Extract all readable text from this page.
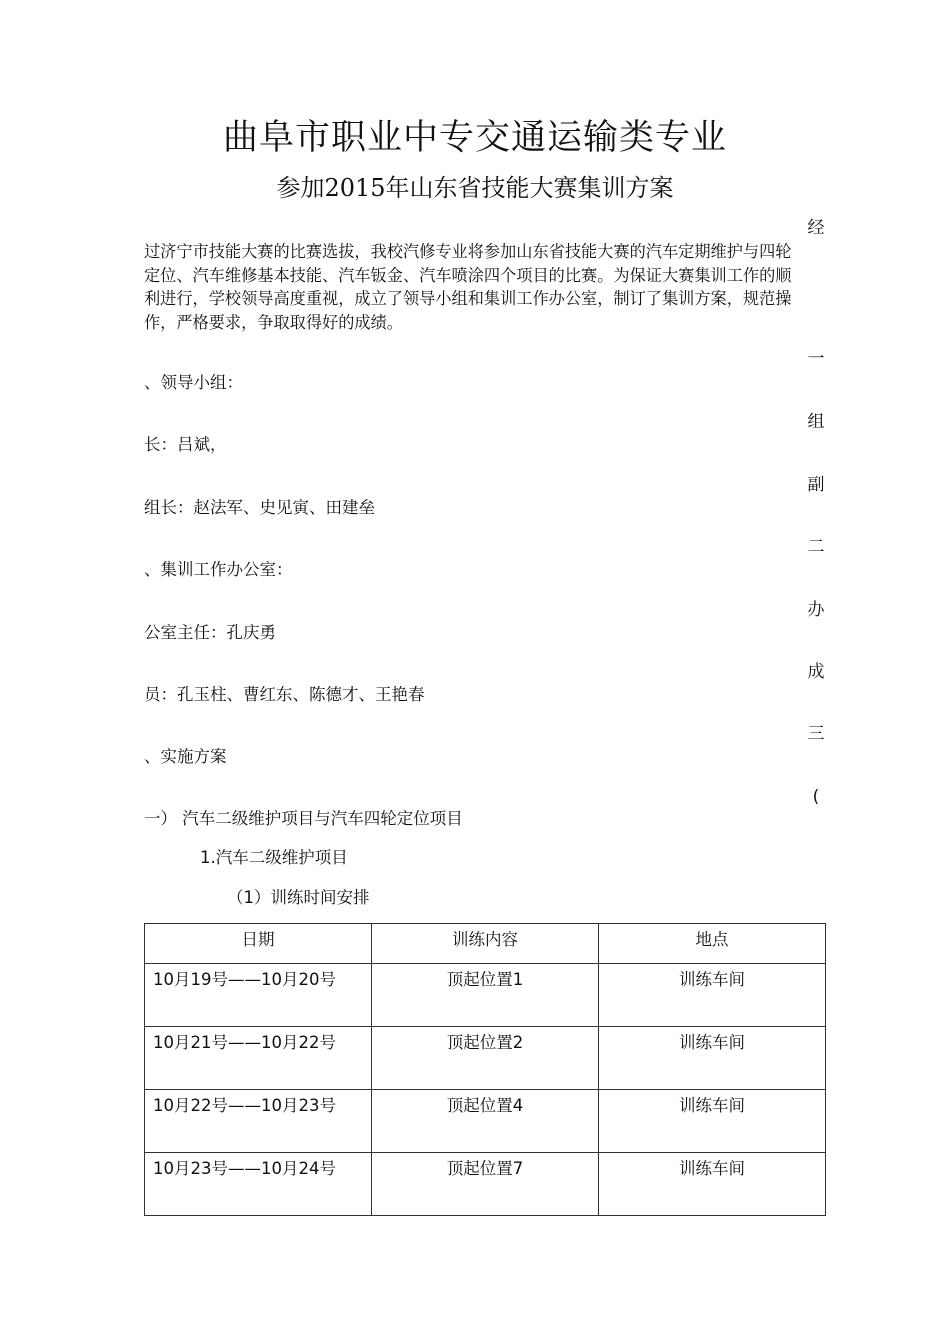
曲阜市职业中专交通运输类专业
参加2015年山东省技能大赛集训方案
经
一
组
副
二
办
成
三
(

过济宁市技能大赛的比赛选拔，我校汽修专业将参加山东省技能大赛的汽车定期维护与四轮定位、汽车维修基本技能、汽车钣金、汽车喷涂四个项目的比赛。为保证大赛集训工作的顺利进行，学校领导高度重视，成立了领导小组和集训工作办公室，制订了集训方案，规范操作，严格要求，争取取得好的成绩。

、领导小组：
长：吕斌，
组长：赵法军、史见寅、田建垒
、集训工作办公室：
公室主任：孔庆勇
员：孔玉柱、曹红东、陈德才、王艳春
、实施方案
一） 汽车二级维护项目与汽车四轮定位项目
1.汽车二级维护项目
（1）训练时间安排
日期	训练内容	地点
10月19号——10月20号	顶起位置1	训练车间
10月21号——10月22号	顶起位置2	训练车间
10月22号——10月23号	顶起位置4	训练车间
10月23号——10月24号	顶起位置7	训练车间
